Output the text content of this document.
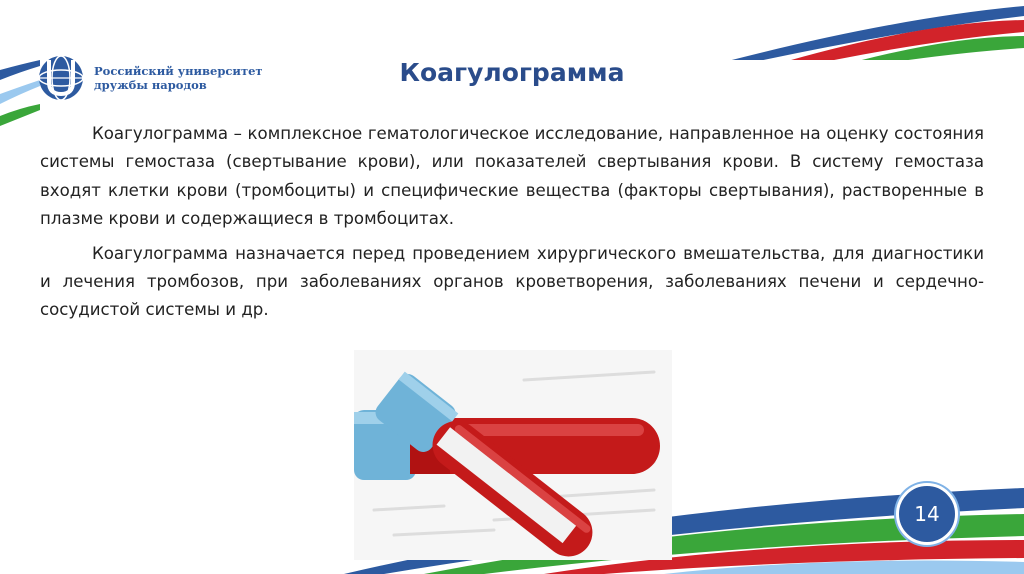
Российский университет
дружбы народов	Коагулограмма

Коагулограмма – комплексное гематологическое исследование, направленное на оценку состояния системы гемостаза (свертывание крови), или показателей свертывания крови. В систему гемостаза входят клетки крови (тромбоциты) и специфические вещества (факторы свертывания), растворенные в плазме крови и содержащиеся в тромбоцитах.

Коагулограмма назначается перед проведением хирургического вмешательства, для диагностики и лечения тромбозов, при заболеваниях органов кроветворения, заболеваниях печени и сердечно-сосудистой системы и др.

14
